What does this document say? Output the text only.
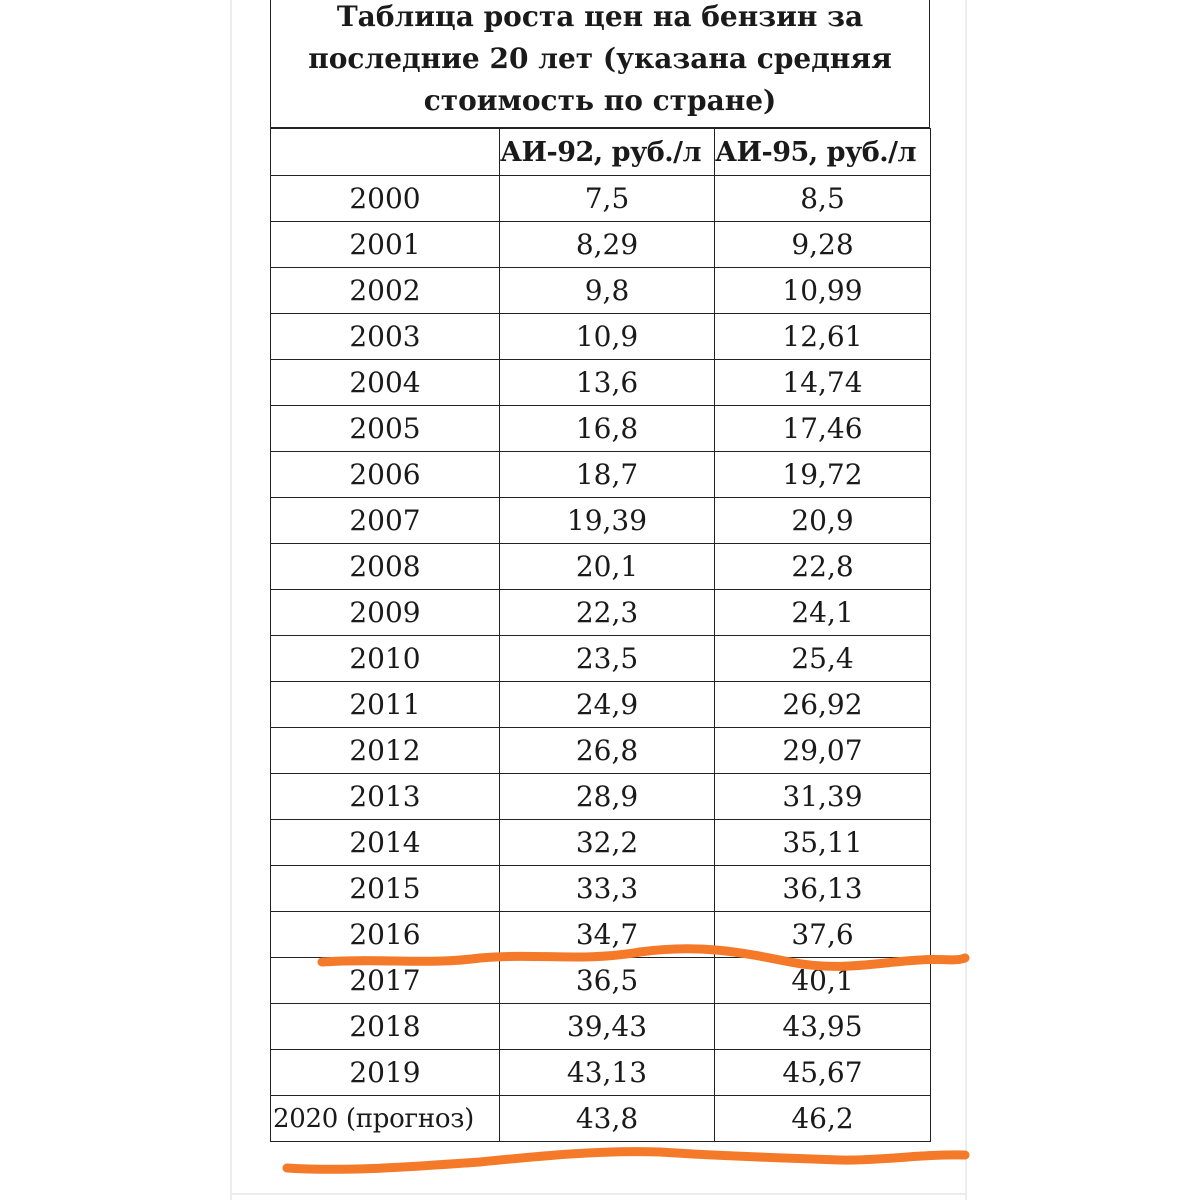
Таблица роста цен на бензин за последние 20 лет (указана средняя стоимость по стране)
	АИ-92, руб./л	АИ-95, руб./л
2000	7,5	8,5
2001	8,29	9,28
2002	9,8	10,99
2003	10,9	12,61
2004	13,6	14,74
2005	16,8	17,46
2006	18,7	19,72
2007	19,39	20,9
2008	20,1	22,8
2009	22,3	24,1
2010	23,5	25,4
2011	24,9	26,92
2012	26,8	29,07
2013	28,9	31,39
2014	32,2	35,11
2015	33,3	36,13
2016	34,7	37,6
2017	36,5	40,1
2018	39,43	43,95
2019	43,13	45,67
2020 (прогноз)	43,8	46,2
